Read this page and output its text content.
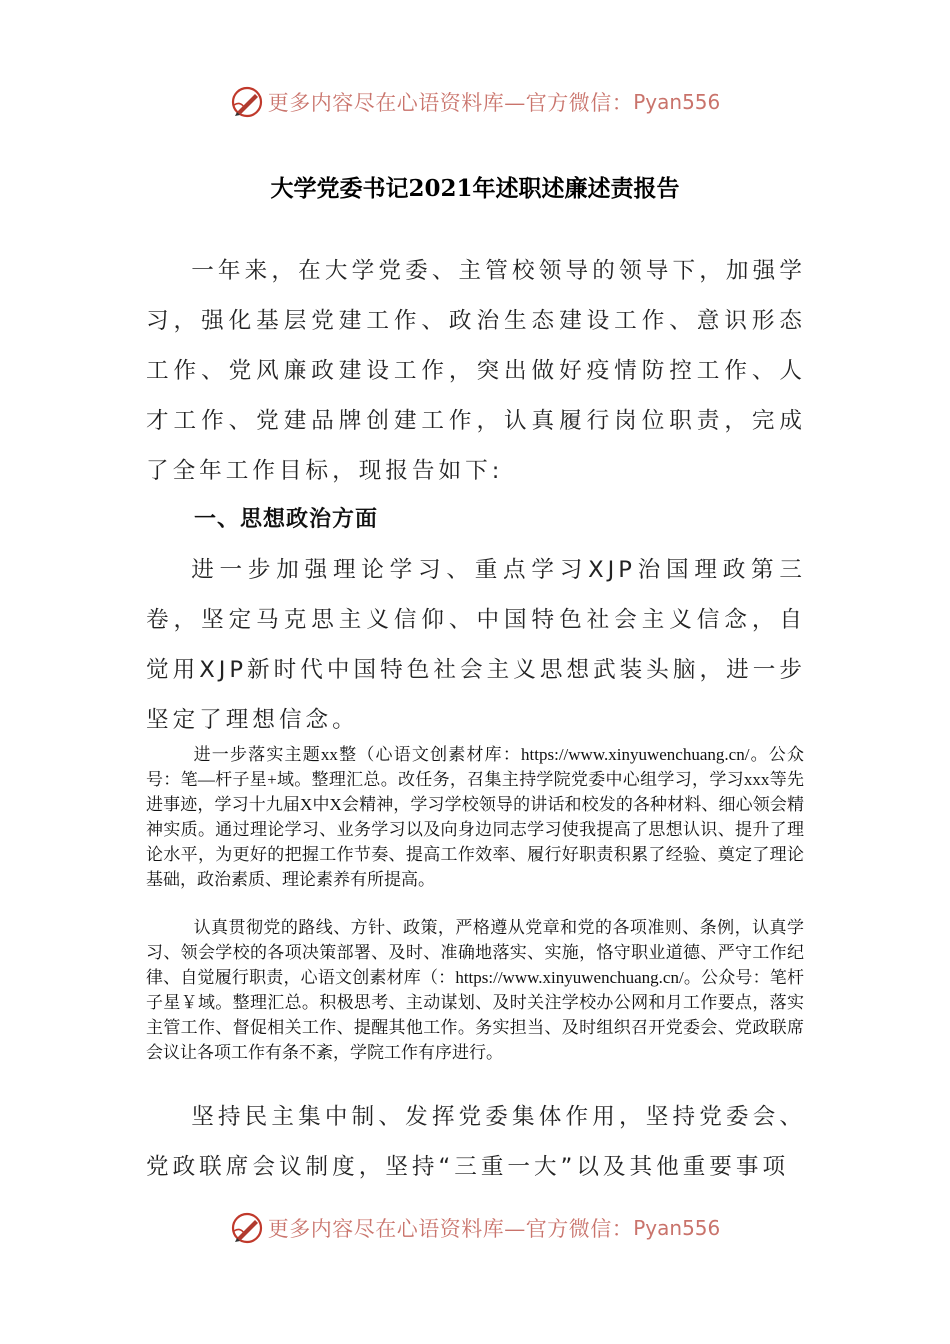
更多内容尽在心语资料库—官方微信： Pyan556
大学党委书记2021年述职述廉述责报告

一年来，在大学党委、主管校领导的领导下，加强学习，强化基层党建工作、政治生态建设工作、意识形态工作、党风廉政建设工作，突出做好疫情防控工作、人才工作、党建品牌创建工作，认真履行岗位职责，完成了全年工作目标，现报告如下:

一、思想政治方面

进一步加强理论学习、重点学习XJP治国理政第三卷，坚定马克思主义信仰、中国特色社会主义信念，自觉用XJP新时代中国特色社会主义思想武装头脑，进一步坚定了理想信念。

进一步落实主题xx整（心语文创素材库：https://www.xinyuwenchuang.cn/。公众号：笔—杆子星+域。整理汇总。改任务，召集主持学院党委中心组学习，学习xxx等先进事迹，学习十九届X中X会精神，学习学校领导的讲话和校发的各种材料、细心领会精神实质。通过理论学习、业务学习以及向身边同志学习使我提高了思想认识、提升了理论水平，为更好的把握工作节奏、提高工作效率、履行好职责积累了经验、奠定了理论基础，政治素质、理论素养有所提高。

认真贯彻党的路线、方针、政策，严格遵从党章和党的各项准则、条例，认真学习、领会学校的各项决策部署、及时、准确地落实、实施，恪守职业道德、严守工作纪律、自觉履行职责，心语文创素材库（：https://www.xinyuwenchuang.cn/。公众号：笔杆子星￥域。整理汇总。积极思考、主动谋划、及时关注学校办公网和月工作要点，落实主管工作、督促相关工作、提醒其他工作。务实担当、及时组织召开党委会、党政联席会议让各项工作有条不紊，学院工作有序进行。

坚持民主集中制、发挥党委集体作用，坚持党委会、党政联席会议制度，坚持“三重一大”以及其他重要事项

更多内容尽在心语资料库—官方微信： Pyan556
